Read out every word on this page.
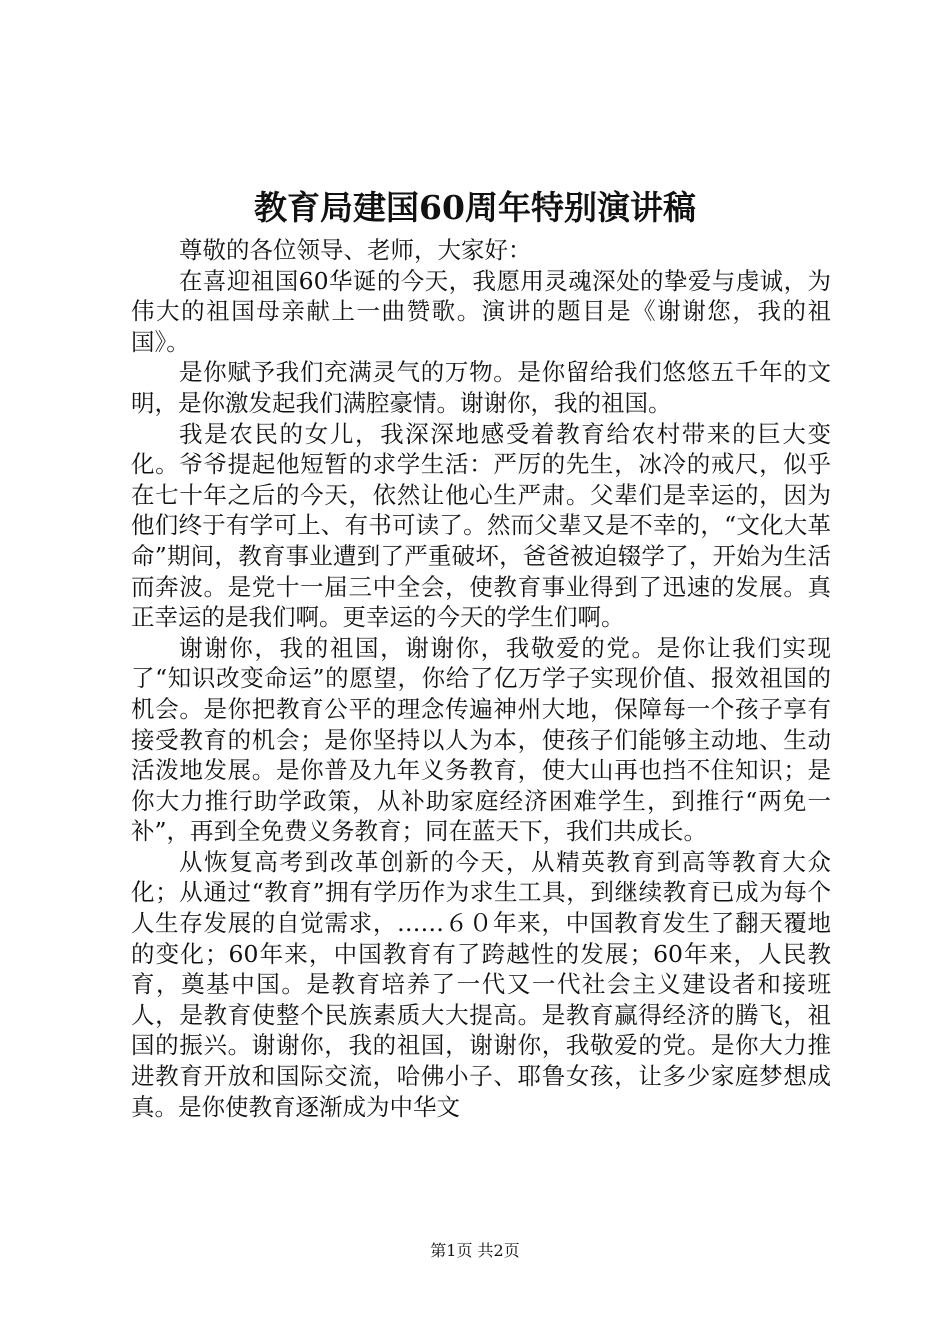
教育局建国60周年特别演讲稿

尊敬的各位领导、老师，大家好：

在喜迎祖国60华诞的今天，我愿用灵魂深处的挚爱与虔诚，为伟大的祖国母亲献上一曲赞歌。演讲的题目是《谢谢您，我的祖国》。

是你赋予我们充满灵气的万物。是你留给我们悠悠五千年的文明，是你激发起我们满腔豪情。谢谢你，我的祖国。

我是农民的女儿，我深深地感受着教育给农村带来的巨大变化。爷爷提起他短暂的求学生活：严厉的先生，冰冷的戒尺，似乎在七十年之后的今天，依然让他心生严肃。父辈们是幸运的，因为他们终于有学可上、有书可读了。然而父辈又是不幸的，“文化大革命”期间，教育事业遭到了严重破坏，爸爸被迫辍学了，开始为生活而奔波。是党十一届三中全会，使教育事业得到了迅速的发展。真正幸运的是我们啊。更幸运的今天的学生们啊。

谢谢你，我的祖国，谢谢你，我敬爱的党。是你让我们实现了“知识改变命运”的愿望，你给了亿万学子实现价值、报效祖国的机会。是你把教育公平的理念传遍神州大地，保障每一个孩子享有接受教育的机会；是你坚持以人为本，使孩子们能够主动地、生动活泼地发展。是你普及九年义务教育，使大山再也挡不住知识；是你大力推行助学政策，从补助家庭经济困难学生，到推行“两免一补”，再到全免费义务教育；同在蓝天下，我们共成长。

从恢复高考到改革创新的今天，从精英教育到高等教育大众化；从通过“教育”拥有学历作为求生工具，到继续教育已成为每个人生存发展的自觉需求，……６０年来，中国教育发生了翻天覆地的变化；60年来，中国教育有了跨越性的发展；60年来，人民教育，奠基中国。是教育培养了一代又一代社会主义建设者和接班人，是教育使整个民族素质大大提高。是教育赢得经济的腾飞，祖国的振兴。谢谢你，我的祖国，谢谢你，我敬爱的党。是你大力推进教育开放和国际交流，哈佛小子、耶鲁女孩，让多少家庭梦想成真。是你使教育逐渐成为中华文

第1页 共2页
